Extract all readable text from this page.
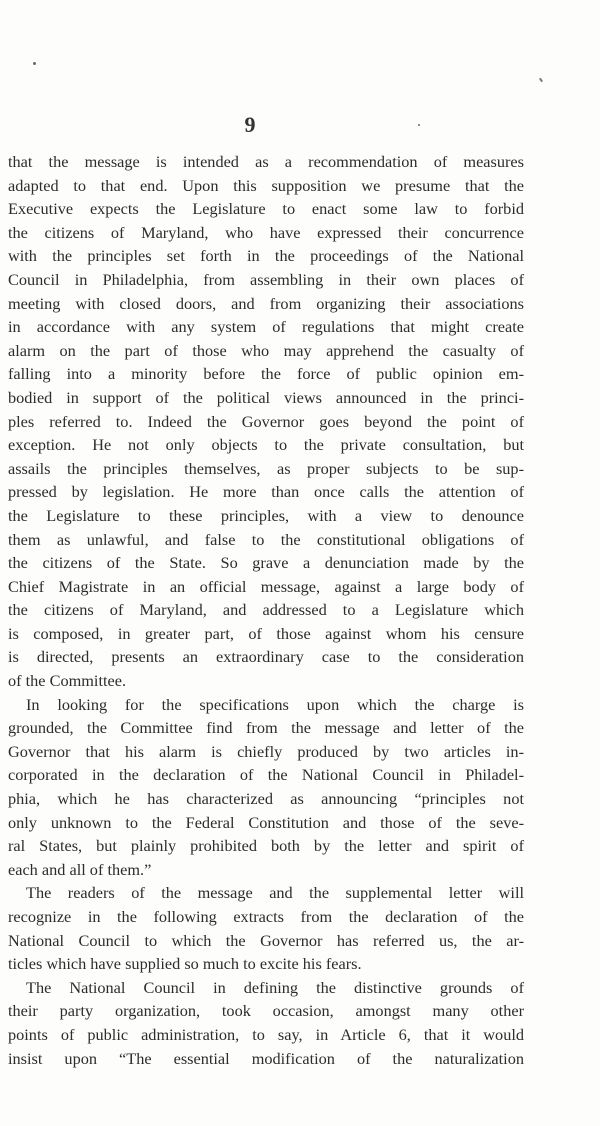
9
that the message is intended as a recommendation of measures
adapted to that end. Upon this supposition we presume that the
Executive expects the Legislature to enact some law to forbid
the citizens of Maryland, who have expressed their concurrence
with the principles set forth in the proceedings of the National
Council in Philadelphia, from assembling in their own places of
meeting with closed doors, and from organizing their associations
in accordance with any system of regulations that might create
alarm on the part of those who may apprehend the casualty of
falling into a minority before the force of public opinion em-
bodied in support of the political views announced in the princi-
ples referred to. Indeed the Governor goes beyond the point of
exception. He not only objects to the private consultation, but
assails the principles themselves, as proper subjects to be sup-
pressed by legislation. He more than once calls the attention of
the Legislature to these principles, with a view to denounce
them as unlawful, and false to the constitutional obligations of
the citizens of the State. So grave a denunciation made by the
Chief Magistrate in an official message, against a large body of
the citizens of Maryland, and addressed to a Legislature which
is composed, in greater part, of those against whom his censure
is directed, presents an extraordinary case to the consideration
of the Committee.
In looking for the specifications upon which the charge is
grounded, the Committee find from the message and letter of the
Governor that his alarm is chiefly produced by two articles in-
corporated in the declaration of the National Council in Philadel-
phia, which he has characterized as announcing “principles not
only unknown to the Federal Constitution and those of the seve-
ral States, but plainly prohibited both by the letter and spirit of
each and all of them.”
The readers of the message and the supplemental letter will
recognize in the following extracts from the declaration of the
National Council to which the Governor has referred us, the ar-
ticles which have supplied so much to excite his fears.
The National Council in defining the distinctive grounds of
their party organization, took occasion, amongst many other
points of public administration, to say, in Article 6, that it would
insist upon “The essential modification of the naturalization
